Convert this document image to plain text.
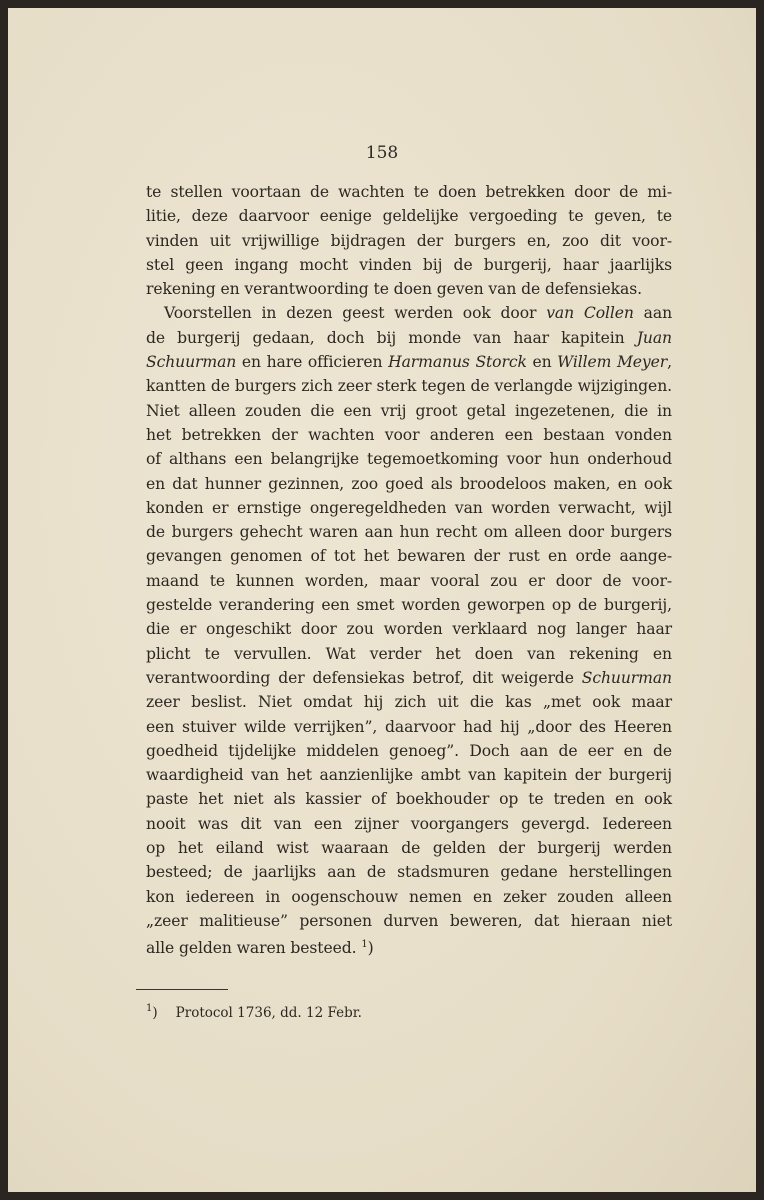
158
te stellen voortaan de wachten te doen betrekken door de mi-
litie, deze daarvoor eenige geldelijke vergoeding te geven, te
vinden uit vrijwillige bijdragen der burgers en, zoo dit voor-
stel geen ingang mocht vinden bij de burgerij, haar jaarlijks
rekening en verantwoording te doen geven van de defensiekas.
Voorstellen in dezen geest werden ook door van Collen aan
de burgerij gedaan, doch bij monde van haar kapitein Juan
Schuurman en hare officieren Harmanus Storck en Willem Meyer,
kantten de burgers zich zeer sterk tegen de verlangde wijzigingen.
Niet alleen zouden die een vrij groot getal ingezetenen, die in
het betrekken der wachten voor anderen een bestaan vonden
of althans een belangrijke tegemoetkoming voor hun onderhoud
en dat hunner gezinnen, zoo goed als broodeloos maken, en ook
konden er ernstige ongeregeldheden van worden verwacht, wijl
de burgers gehecht waren aan hun recht om alleen door burgers
gevangen genomen of tot het bewaren der rust en orde aange-
maand te kunnen worden, maar vooral zou er door de voor-
gestelde verandering een smet worden geworpen op de burgerij,
die er ongeschikt door zou worden verklaard nog langer haar
plicht te vervullen. Wat verder het doen van rekening en
verantwoording der defensiekas betrof, dit weigerde Schuurman
zeer beslist. Niet omdat hij zich uit die kas „met ook maar
een stuiver wilde verrijken”, daarvoor had hij „door des Heeren
goedheid tijdelijke middelen genoeg”. Doch aan de eer en de
waardigheid van het aanzienlijke ambt van kapitein der burgerij
paste het niet als kassier of boekhouder op te treden en ook
nooit was dit van een zijner voorgangers gevergd. Iedereen
op het eiland wist waaraan de gelden der burgerij werden
besteed; de jaarlijks aan de stadsmuren gedane herstellingen
kon iedereen in oogenschouw nemen en zeker zouden alleen
„zeer malitieuse” personen durven beweren, dat hieraan niet
alle gelden waren besteed. $^1$)
$^1$) Protocol 1736, dd. 12 Febr.
